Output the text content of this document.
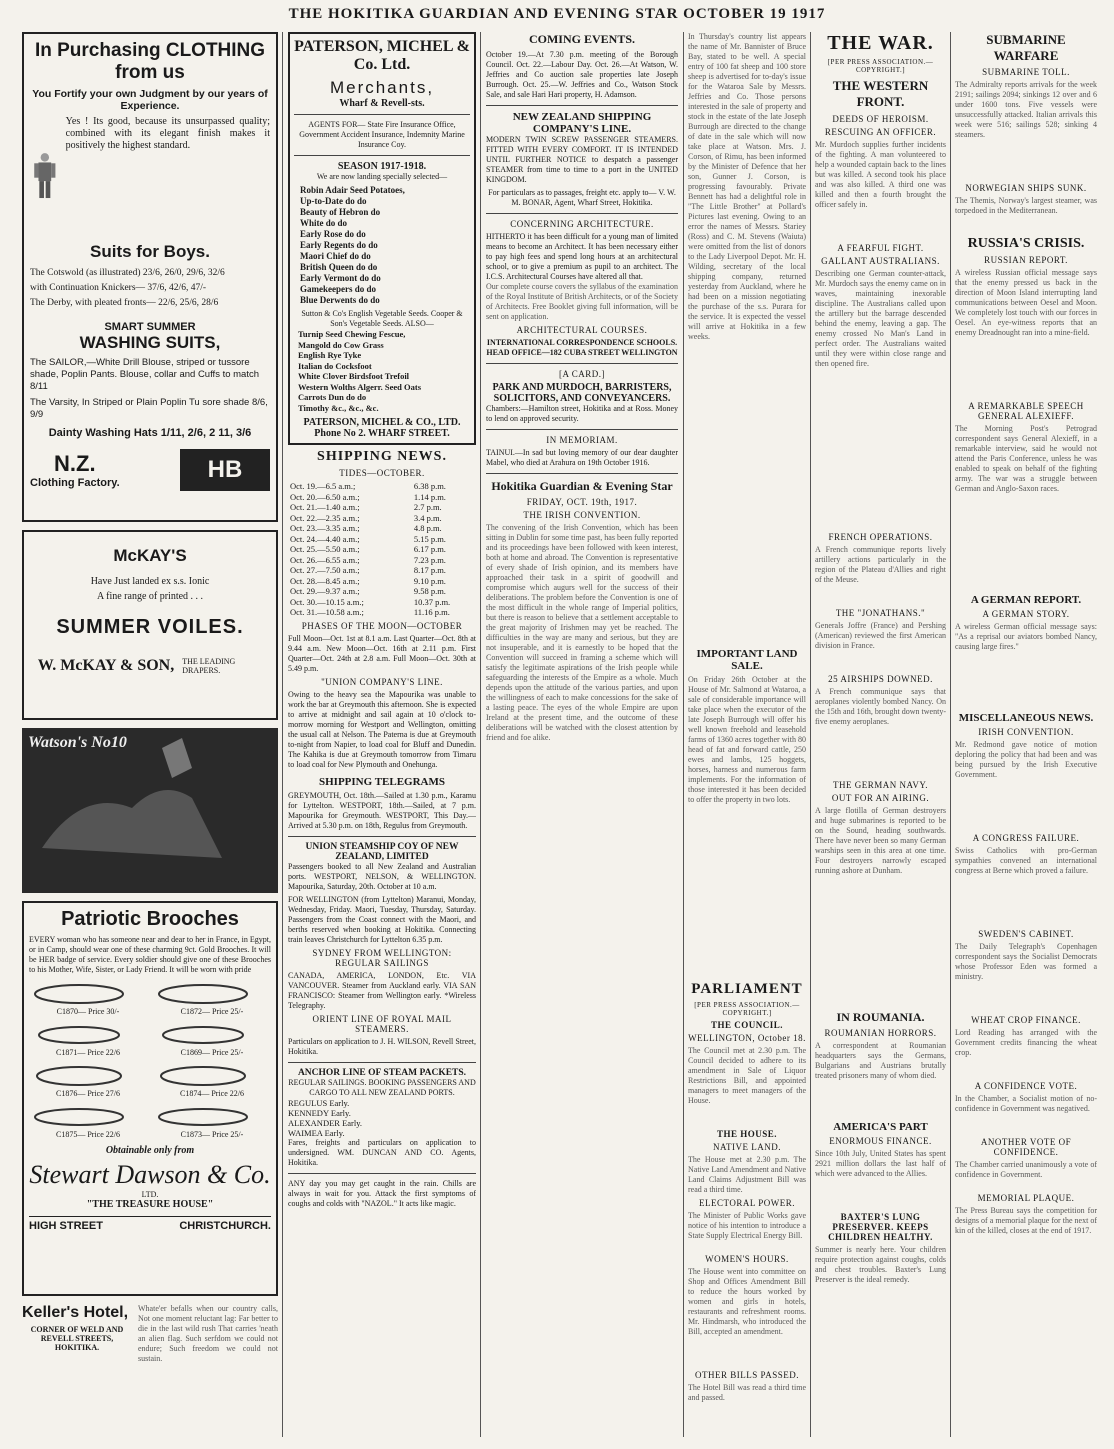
THE HOKITIKA GUARDIAN AND EVENING STAR OCTOBER 19 1917
In Purchasing CLOTHING from us
You Fortify your own Judgment by our years of Experience.
Yes ! Its good, because its unsurpassed quality; combined with its elegant finish makes it positively the highest standard.
Suits for Boys.
The Cotswold (as illustrated) 23/6, 26/0, 29/6, 32/6
with Continuation Knickers— 37/6, 42/6, 47/-
The Derby, with pleated fronts— 22/6, 25/6, 28/6
SMART SUMMER
WASHING SUITS,
The SAILOR,—White Drill Blouse, striped or tussore shade, Poplin Pants. Blouse, collar and Cuffs to match 8/11
The Varsity, In Striped or Plain Poplin Tu sore shade 8/6, 9/9
Dainty Washing Hats 1/11, 2/6, 2 11, 3/6
N.Z.
Clothing Factory.	HB
McKAY'S
Have Just landed ex s.s. Ionic
A fine range of printed . . .
SUMMER VOILES.
W. McKAY & SON, THE LEADING DRAPERS.
Watson's No10
Patriotic Brooches
EVERY woman who has someone near and dear to her in France, in Egypt, or in Camp, should wear one of these charming 9ct. Gold Brooches. It will be HER badge of service. Every soldier should give one of these Brooches to his Mother, Wife, Sister, or Lady Friend. It will be worn with pride
C1870— Price 30/-	C1872— Price 25/-
C1871— Price 22/6	C1869— Price 25/-
C1876— Price 27/6	C1874— Price 22/6
C1875— Price 22/6	C1873— Price 25/-
Obtainable only from
Stewart Dawson & Co.
LTD.
"THE TREASURE HOUSE"
HIGH STREET	CHRISTCHURCH.
Keller's Hotel,
CORNER OF WELD AND REVELL STREETS, HOKITIKA.
Whate'er befalls when our country calls, Not one moment reluctant lag: Far better to die in the last wild rush That carries 'neath an alien flag. Such serfdom we could not endure; Such freedom we could not sustain.
PATERSON, MICHEL & Co. Ltd.
Merchants,
Wharf & Revell-sts.
AGENTS FOR— State Fire Insurance Office, Government Accident Insurance, Indemnity Marine Insurance Coy.
SEASON 1917-1918.
We are now landing specially selected—
Robin Adair Seed Potatoes,
Up-to-Date do do
Beauty of Hebron do
White do do
Early Rose do do
Early Regents do do
Maori Chief do do
British Queen do do
Early Vermont do do
Gamekeepers do do
Blue Derwents do do
Sutton & Co's English Vegetable Seeds. Cooper & Son's Vegetable Seeds. ALSO—
Turnip Seed Chewing Fescue,
Mangold do Cow Grass
English Rye Tyke
Italian do Cocksfoot
White Clover Birdsfoot Trefoil
Western Wolths Algerr. Seed Oats
Carrots Dun do do
Timothy &c., &c., &c.
PATERSON, MICHEL & CO., LTD. Phone No 2. WHARF STREET.
SHIPPING NEWS.
TIDES—OCTOBER.
Oct. 19.—6.5 a.m.;	6.38 p.m.
Oct. 20.—6.50 a.m.;	1.14 p.m.
Oct. 21.—1.40 a.m.;	2.7 p.m.
Oct. 22.—2.35 a.m.;	3.4 p.m.
Oct. 23.—3.35 a.m.;	4.8 p.m.
Oct. 24.—4.40 a.m.;	5.15 p.m.
Oct. 25.—5.50 a.m.;	6.17 p.m.
Oct. 26.—6.55 a.m.;	7.23 p.m.
Oct. 27.—7.50 a.m.;	8.17 p.m.
Oct. 28.—8.45 a.m.;	9.10 p.m.
Oct. 29.—9.37 a.m.;	9.58 p.m.
Oct. 30.—10.15 a.m.;	10.37 p.m.
Oct. 31.—10.58 a.m.;	11.16 p.m.
PHASES OF THE MOON—OCTOBER
Full Moon—Oct. 1st at 8.1 a.m. Last Quarter—Oct. 8th at 9.44 a.m. New Moon—Oct. 16th at 2.11 p.m. First Quarter—Oct. 24th at 2.8 a.m. Full Moon—Oct. 30th at 5.49 p.m.
"UNION COMPANY'S LINE.
Owing to the heavy sea the Mapourika was unable to work the bar at Greymouth this afternoon. She is expected to arrive at midnight and sail again at 10 o'clock to-morrow morning for Westport and Wellington, omitting the usual call at Nelson. The Paterna is due at Greymouth to-night from Napier, to load coal for Bluff and Dunedin. The Kahika is due at Greymouth tomorrow from Timaru to load coal for New Plymouth and Onehunga.
SHIPPING TELEGRAMS
GREYMOUTH, Oct. 18th.—Sailed at 1.30 p.m., Karamu for Lyttelton. WESTPORT, 18th.—Sailed, at 7 p.m. Mapourika for Greymouth. WESTPORT, This Day.—Arrived at 5.30 p.m. on 18th, Regulus from Greymouth.
UNION STEAMSHIP COY OF NEW ZEALAND, LIMITED
Passengers booked to all New Zealand and Australian ports. WESTPORT, NELSON, & WELLINGTON. Mapourika, Saturday, 20th. October at 10 a.m.
FOR WELLINGTON (from Lyttelton) Maranui, Monday, Wednesday, Friday. Maori, Tuesday, Thursday, Saturday. Passengers from the Coast connect with the Maori, and berths reserved when booking at Hokitika. Connecting train leaves Christchurch for Lyttelton 6.35 p.m.
SYDNEY FROM WELLINGTON: REGULAR SAILINGS
CANADA, AMERICA, LONDON, Etc. VIA VANCOUVER. Steamer from Auckland early. VIA SAN FRANCISCO: Steamer from Wellington early. *Wireless Telegraphy.
ORIENT LINE OF ROYAL MAIL STEAMERS.
Particulars on application to J. H. WILSON, Revell Street, Hokitika.
ANCHOR LINE OF STEAM PACKETS.
REGULAR SAILINGS. BOOKING PASSENGERS AND CARGO TO ALL NEW ZEALAND PORTS.
REGULUS Early.
KENNEDY Early.
ALEXANDER Early.
WAIMEA Early.
Fares, freights and particulars on application to undersigned. WM. DUNCAN AND CO. Agents, Hokitika.
ANY day you may get caught in the rain. Chills are always in wait for you. Attack the first symptoms of coughs and colds with "NAZOL." It acts like magic.
COMING EVENTS.
October 19.—At 7.30 p.m. meeting of the Borough Council. Oct. 22.—Labour Day. Oct. 26.—At Watson, W. Jeffries and Co auction sale properties late Joseph Burrough. Oct. 25.—W. Jeffries and Co., Watson Stock Sale, and sale Hari Hari property, H. Adamson.
NEW ZEALAND SHIPPING COMPANY'S LINE.
MODERN TWIN SCREW PASSENGER STEAMERS. FITTED WITH EVERY COMFORT. IT IS INTENDED UNTIL FURTHER NOTICE to despatch a passenger STEAMER from time to time to a port in the UNITED KINGDOM.
For particulars as to passages, freight etc. apply to— V. W. M. BONAR, Agent, Wharf Street, Hokitika.
CONCERNING ARCHITECTURE.
HITHERTO it has been difficult for a young man of limited means to become an Architect. It has been necessary either to pay high fees and spend long hours at an architectural school, or to give a premium as pupil to an architect. The I.C.S. Architectural Courses have altered all that.
Our complete course covers the syllabus of the examination of the Royal Institute of British Architects, or of the Society of Architects. Free Booklet giving full information, will be sent on application.
ARCHITECTURAL COURSES.
INTERNATIONAL CORRESPONDENCE SCHOOLS. HEAD OFFICE—182 CUBA STREET WELLINGTON
[A CARD.]
PARK AND MURDOCH, BARRISTERS, SOLICITORS, AND CONVEYANCERS.
Chambers:—Hamilton street, Hokitika and at Ross. Money to lend on approved security.
IN MEMORIAM.
TAINUI.—In sad but loving memory of our dear daughter Mabel, who died at Arahura on 19th October 1916.
Hokitika Guardian & Evening Star
FRIDAY, OCT. 19th, 1917.
THE IRISH CONVENTION.
The convening of the Irish Convention, which has been sitting in Dublin for some time past, has been fully reported and its proceedings have been followed with keen interest, both at home and abroad. The Convention is representative of every shade of Irish opinion, and its members have approached their task in a spirit of goodwill and compromise which augurs well for the success of their deliberations. The problem before the Convention is one of the most difficult in the whole range of Imperial politics, but there is reason to believe that a settlement acceptable to the great majority of Irishmen may yet be reached. The difficulties in the way are many and serious, but they are not insuperable, and it is earnestly to be hoped that the Convention will succeed in framing a scheme which will satisfy the legitimate aspirations of the Irish people while safeguarding the interests of the Empire as a whole. Much depends upon the attitude of the various parties, and upon the willingness of each to make concessions for the sake of a lasting peace. The eyes of the whole Empire are upon Ireland at the present time, and the outcome of these deliberations will be watched with the closest attention by friend and foe alike.
In Thursday's country list appears the name of Mr. Bannister of Bruce Bay, stated to be well. A special entry of 100 fat sheep and 100 store sheep is advertised for to-day's issue for the Wataroa Sale by Messrs. Jeffries and Co. Those persons interested in the sale of property and stock in the estate of the late Joseph Burrough are directed to the change of date in the sale which will now take place at Watson. Mrs. J. Corson, of Rimu, has been informed by the Minister of Defence that her son, Gunner J. Corson, is progressing favourably. Private Bennett has had a delightful role in "The Little Brother" at Pollard's Pictures last evening. Owing to an error the names of Messrs. Stariey (Ross) and C. M. Stevens (Waiuta) were omitted from the list of donors to the Lady Liverpool Depot. Mr. H. Wilding, secretary of the local shipping company, returned yesterday from Auckland, where he had been on a mission negotiating the purchase of the s.s. Purara for the service. It is expected the vessel will arrive at Hokitika in a few weeks.
IMPORTANT LAND SALE.
On Friday 26th October at the House of Mr. Salmond at Wataroa, a sale of considerable importance will take place when the executor of the late Joseph Burrough will offer his well known freehold and leasehold farms of 1360 acres together with 80 head of fat and forward cattle, 250 ewes and lambs, 125 hoggets, horses, harness and numerous farm implements. For the information of those interested it has been decided to offer the property in two lots.
PARLIAMENT
[PER PRESS ASSOCIATION.—COPYRIGHT.]
THE COUNCIL.
WELLINGTON, October 18.
The Council met at 2.30 p.m. The Council decided to adhere to its amendment in Sale of Liquor Restrictions Bill, and appointed managers to meet managers of the House.
THE HOUSE.
NATIVE LAND.
The House met at 2.30 p.m. The Native Land Amendment and Native Land Claims Adjustment Bill was read a third time.
ELECTORAL POWER.
The Minister of Public Works gave notice of his intention to introduce a State Supply Electrical Energy Bill.
WOMEN'S HOURS.
The House went into committee on Shop and Offices Amendment Bill to reduce the hours worked by women and girls in hotels, restaurants and refreshment rooms. Mr. Hindmarsh, who introduced the Bill, accepted an amendment.
OTHER BILLS PASSED.
The Hotel Bill was read a third time and passed.
THE WAR.
[PER PRESS ASSOCIATION.—COPYRIGHT.]
THE WESTERN FRONT.
DEEDS OF HEROISM.
RESCUING AN OFFICER.
Mr. Murdoch supplies further incidents of the fighting. A man volunteered to help a wounded captain back to the lines but was killed. A second took his place and was also killed. A third one was killed and then a fourth brought the officer safely in.
A FEARFUL FIGHT.
GALLANT AUSTRALIANS.
Describing one German counter-attack, Mr. Murdoch says the enemy came on in waves, maintaining inexorable discipline. The Australians called upon the artillery but the barrage descended behind the enemy, leaving a gap. The enemy crossed No Man's Land in perfect order. The Australians waited until they were within close range and then opened fire.
FRENCH OPERATIONS.
A French communique reports lively artillery actions particularly in the region of the Plateau d'Allies and right of the Meuse.
THE "JONATHANS."
Generals Joffre (France) and Pershing (American) reviewed the first American division in France.
25 AIRSHIPS DOWNED.
A French communique says that aeroplanes violently bombed Nancy. On the 15th and 16th, brought down twenty-five enemy aeroplanes.
THE GERMAN NAVY.
OUT FOR AN AIRING.
A large flotilla of German destroyers and huge submarines is reported to be on the Sound, heading southwards. There have never been so many German warships seen in this area at one time. Four destroyers narrowly escaped running ashore at Dunham.
IN ROUMANIA.
ROUMANIAN HORRORS.
A correspondent at Roumanian headquarters says the Germans, Bulgarians and Austrians brutally treated prisoners many of whom died.
AMERICA'S PART
ENORMOUS FINANCE.
Since 10th July, United States has spent 2921 million dollars the last half of which were advanced to the Allies.
BAXTER'S LUNG PRESERVER. KEEPS CHILDREN HEALTHY.
Summer is nearly here. Your children require protection against coughs, colds and chest troubles. Baxter's Lung Preserver is the ideal remedy.
SUBMARINE WARFARE
SUBMARINE TOLL.
The Admiralty reports arrivals for the week 2191; sailings 2094; sinkings 12 over and 6 under 1600 tons. Five vessels were unsuccessfully attacked. Italian arrivals this week were 516; sailings 528; sinking 4 steamers.
NORWEGIAN SHIPS SUNK.
The Themis, Norway's largest steamer, was torpedoed in the Mediterranean.
RUSSIA'S CRISIS.
RUSSIAN REPORT.
A wireless Russian official message says that the enemy pressed us back in the direction of Moon Island interrupting land communications between Oesel and Moon. We completely lost touch with our forces in Oesel. An eye-witness reports that an enemy Dreadnought ran into a mine-field.
A REMARKABLE SPEECH GENERAL ALEXIEFF.
The Morning Post's Petrograd correspondent says General Alexieff, in a remarkable interview, said he would not attend the Paris Conference, unless he was enabled to speak on behalf of the fighting army. The war was a struggle between German and Anglo-Saxon races.
A GERMAN REPORT.
A GERMAN STORY.
A wireless German official message says: "As a reprisal our aviators bombed Nancy, causing large fires."
MISCELLANEOUS NEWS.
IRISH CONVENTION.
Mr. Redmond gave notice of motion deploring the policy that had been and was being pursued by the Irish Executive Government.
A CONGRESS FAILURE.
Swiss Catholics with pro-German sympathies convened an international congress at Berne which proved a failure.
SWEDEN'S CABINET.
The Daily Telegraph's Copenhagen correspondent says the Socialist Democrats whose Professor Eden was formed a ministry.
WHEAT CROP FINANCE.
Lord Reading has arranged with the Government credits financing the wheat crop.
A CONFIDENCE VOTE.
In the Chamber, a Socialist motion of no-confidence in Government was negatived.
ANOTHER VOTE OF CONFIDENCE.
The Chamber carried unanimously a vote of confidence in Government.
MEMORIAL PLAQUE.
The Press Bureau says the competition for designs of a memorial plaque for the next of kin of the killed, closes at the end of 1917.
